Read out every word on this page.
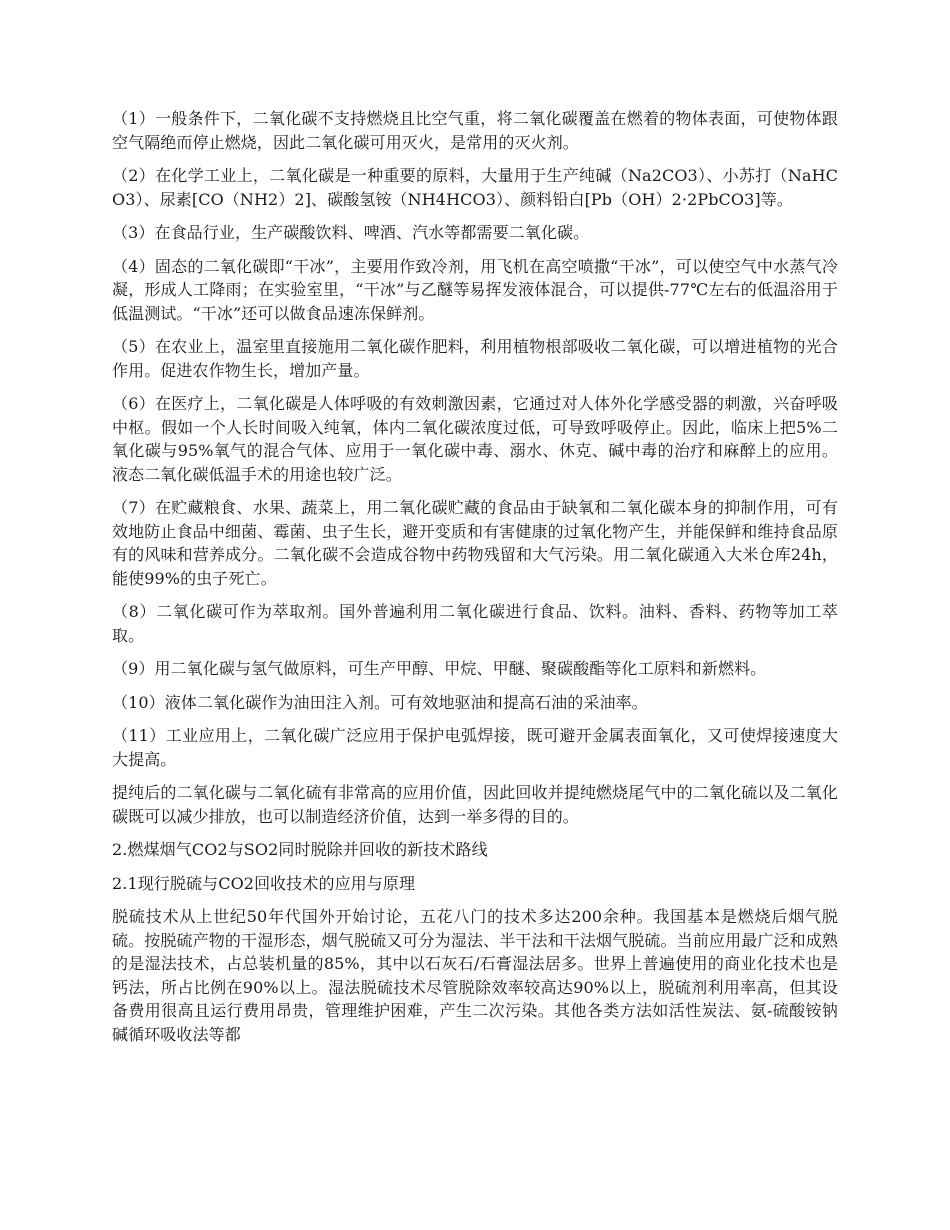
（1）一般条件下，二氧化碳不支持燃烧且比空气重，将二氧化碳覆盖在燃着的物体表面，可使物体跟空气隔绝而停止燃烧，因此二氧化碳可用灭火，是常用的灭火剂。

（2）在化学工业上，二氧化碳是一种重要的原料，大量用于生产纯碱（Na2CO3）、小苏打（NaHCO3）、尿素[CO（NH2）2]、碳酸氢铵（NH4HCO3）、颜料铅白[Pb（OH）2·2PbCO3]等。

（3）在食品行业，生产碳酸饮料、啤酒、汽水等都需要二氧化碳。

（4）固态的二氧化碳即“干冰”，主要用作致冷剂，用飞机在高空喷撒“干冰”，可以使空气中水蒸气冷凝，形成人工降雨；在实验室里，“干冰”与乙醚等易挥发液体混合，可以提供-77℃左右的低温浴用于低温测试。“干冰”还可以做食品速冻保鲜剂。

（5）在农业上，温室里直接施用二氧化碳作肥料，利用植物根部吸收二氧化碳，可以增进植物的光合作用。促进农作物生长，增加产量。

（6）在医疗上，二氧化碳是人体呼吸的有效刺激因素，它通过对人体外化学感受器的刺激，兴奋呼吸中枢。假如一个人长时间吸入纯氧，体内二氧化碳浓度过低，可导致呼吸停止。因此，临床上把5%二氧化碳与95%氧气的混合气体、应用于一氧化碳中毒、溺水、休克、碱中毒的治疗和麻醉上的应用。液态二氧化碳低温手术的用途也较广泛。

（7）在贮藏粮食、水果、蔬菜上，用二氧化碳贮藏的食品由于缺氧和二氧化碳本身的抑制作用，可有效地防止食品中细菌、霉菌、虫子生长，避开变质和有害健康的过氧化物产生，并能保鲜和维持食品原有的风味和营养成分。二氧化碳不会造成谷物中药物残留和大气污染。用二氧化碳通入大米仓库24h，能使99%的虫子死亡。

（8）二氧化碳可作为萃取剂。国外普遍利用二氧化碳进行食品、饮料。油料、香料、药物等加工萃取。

（9）用二氧化碳与氢气做原料，可生产甲醇、甲烷、甲醚、聚碳酸酯等化工原料和新燃料。

（10）液体二氧化碳作为油田注入剂。可有效地驱油和提高石油的采油率。

（11）工业应用上，二氧化碳广泛应用于保护电弧焊接，既可避开金属表面氧化，又可使焊接速度大大提高。

提纯后的二氧化碳与二氧化硫有非常高的应用价值，因此回收并提纯燃烧尾气中的二氧化硫以及二氧化碳既可以减少排放，也可以制造经济价值，达到一举多得的目的。

2.燃煤烟气CO2与SO2同时脱除并回收的新技术路线

2.1现行脱硫与CO2回收技术的应用与原理

脱硫技术从上世纪50年代国外开始讨论，五花八门的技术多达200余种。我国基本是燃烧后烟气脱硫。按脱硫产物的干湿形态，烟气脱硫又可分为湿法、半干法和干法烟气脱硫。当前应用最广泛和成熟的是湿法技术，占总装机量的85%，其中以石灰石/石膏湿法居多。世界上普遍使用的商业化技术也是钙法，所占比例在90%以上。湿法脱硫技术尽管脱除效率较高达90%以上，脱硫剂利用率高，但其设备费用很高且运行费用昂贵，管理维护困难，产生二次污染。其他各类方法如活性炭法、氨-硫酸铵钠碱循环吸收法等都
